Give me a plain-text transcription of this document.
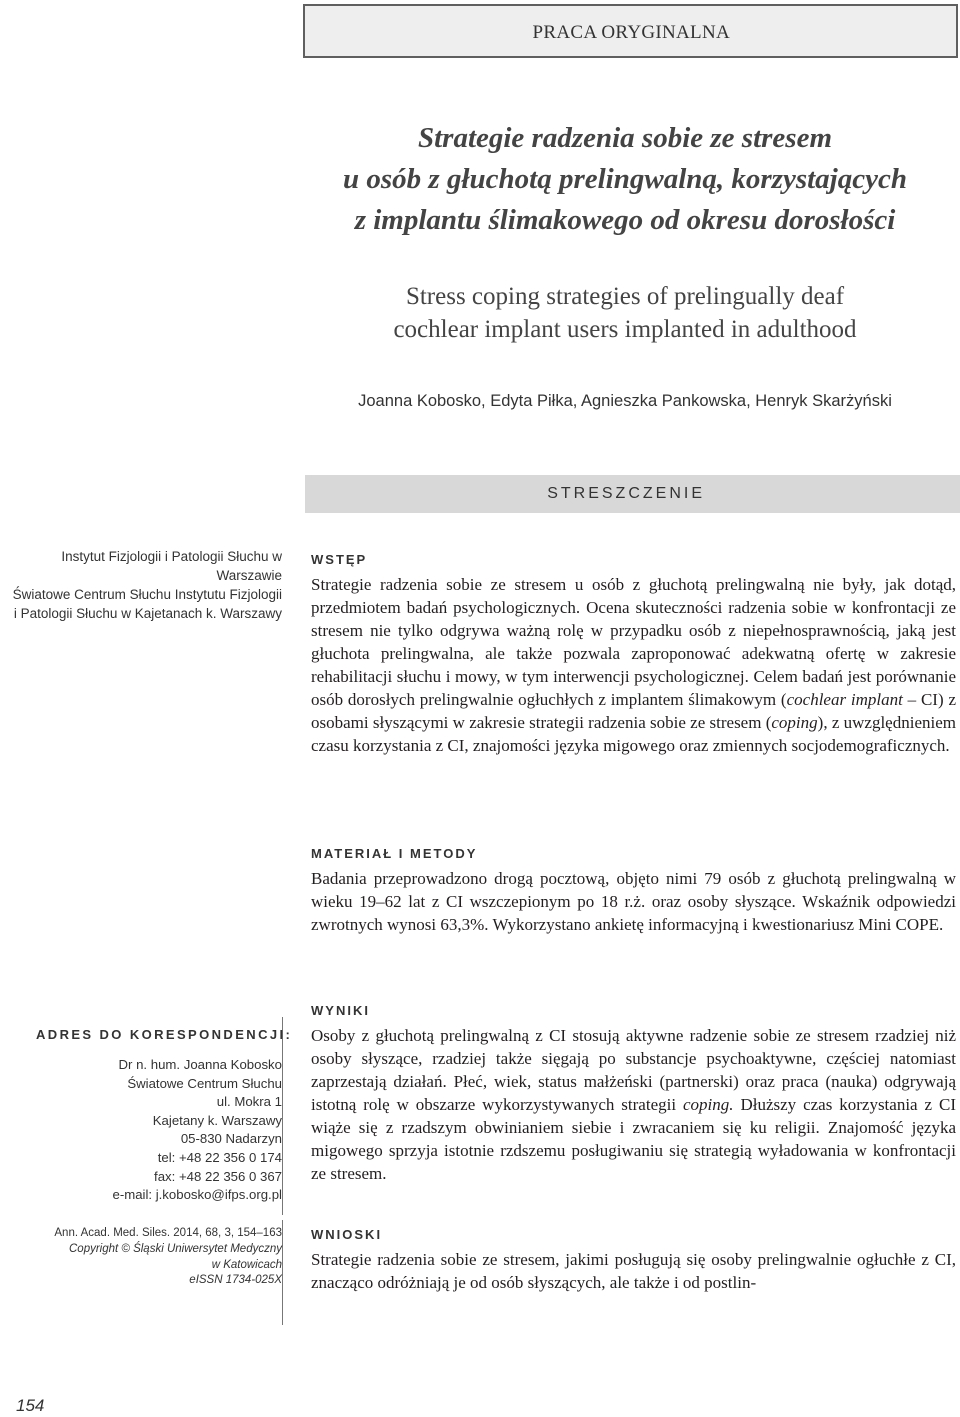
PRACA ORYGINALNA
Strategie radzenia sobie ze stresem
u osób z głuchotą prelingwalną, korzystających
z implantu ślimakowego od okresu dorosłości
Stress coping strategies of prelingually deaf
cochlear implant users implanted in adulthood
Joanna Kobosko, Edyta Piłka, Agnieszka Pankowska, Henryk Skarżyński
STRESZCZENIE
Instytut Fizjologii i Patologii Słuchu w Warszawie
Światowe Centrum Słuchu Instytutu Fizjologii
i Patologii Słuchu w Kajetanach k. Warszawy
WSTĘP
Strategie radzenia sobie ze stresem u osób z głuchotą prelingwalną nie były, jak dotąd, przedmiotem badań psychologicznych. Ocena skuteczności radzenia sobie w konfrontacji ze stresem nie tylko odgrywa ważną rolę w przypadku osób z niepełnosprawnością, jaką jest głuchota prelingwalna, ale także pozwala zaproponować adekwatną ofertę w zakresie rehabilitacji słuchu i mowy, w tym interwencji psychologicznej. Celem badań jest porównanie osób dorosłych prelingwalnie ogłuchłych z implantem ślimakowym (cochlear implant – CI) z osobami słyszącymi w zakresie strategii radzenia sobie ze stresem (coping), z uwzględnieniem czasu korzystania z CI, znajomości języka migowego oraz zmiennych socjodemograficznych.
MATERIAŁ I METODY
Badania przeprowadzono drogą pocztową, objęto nimi 79 osób z głuchotą prelingwalną w wieku 19–62 lat z CI wszczepionym po 18 r.ż. oraz osoby słyszące. Wskaźnik odpowiedzi zwrotnych wynosi 63,3%. Wykorzystano ankietę informacyjną i kwestionariusz Mini COPE.
WYNIKI
Osoby z głuchotą prelingwalną z CI stosują aktywne radzenie sobie ze stresem rzadziej niż osoby słyszące, rzadziej także sięgają po substancje psychoaktywne, częściej natomiast zaprzestają działań. Płeć, wiek, status małżeński (partnerski) oraz praca (nauka) odgrywają istotną rolę w obszarze wykorzystywanych strategii coping. Dłuższy czas korzystania z CI wiąże się z rzadszym obwinianiem siebie i zwracaniem się ku religii. Znajomość języka migowego sprzyja istotnie rzdszemu posługiwaniu się strategią wyładowania w konfrontacji ze stresem.
WNIOSKI
Strategie radzenia sobie ze stresem, jakimi posługują się osoby prelingwalnie ogłuchłe z CI, znacząco odróżniają je od osób słyszących, ale także i od postlin-
ADRES DO KORESPONDENCJI:
Dr n. hum. Joanna Kobosko
Światowe Centrum Słuchu
ul. Mokra 1
Kajetany k. Warszawy
05-830 Nadarzyn
tel: +48 22 356 0 174
fax: +48 22 356 0 367
e-mail: j.kobosko@ifps.org.pl
Ann. Acad. Med. Siles. 2014, 68, 3, 154–163
Copyright © Śląski Uniwersytet Medyczny
w Katowicach
eISSN 1734-025X
154
